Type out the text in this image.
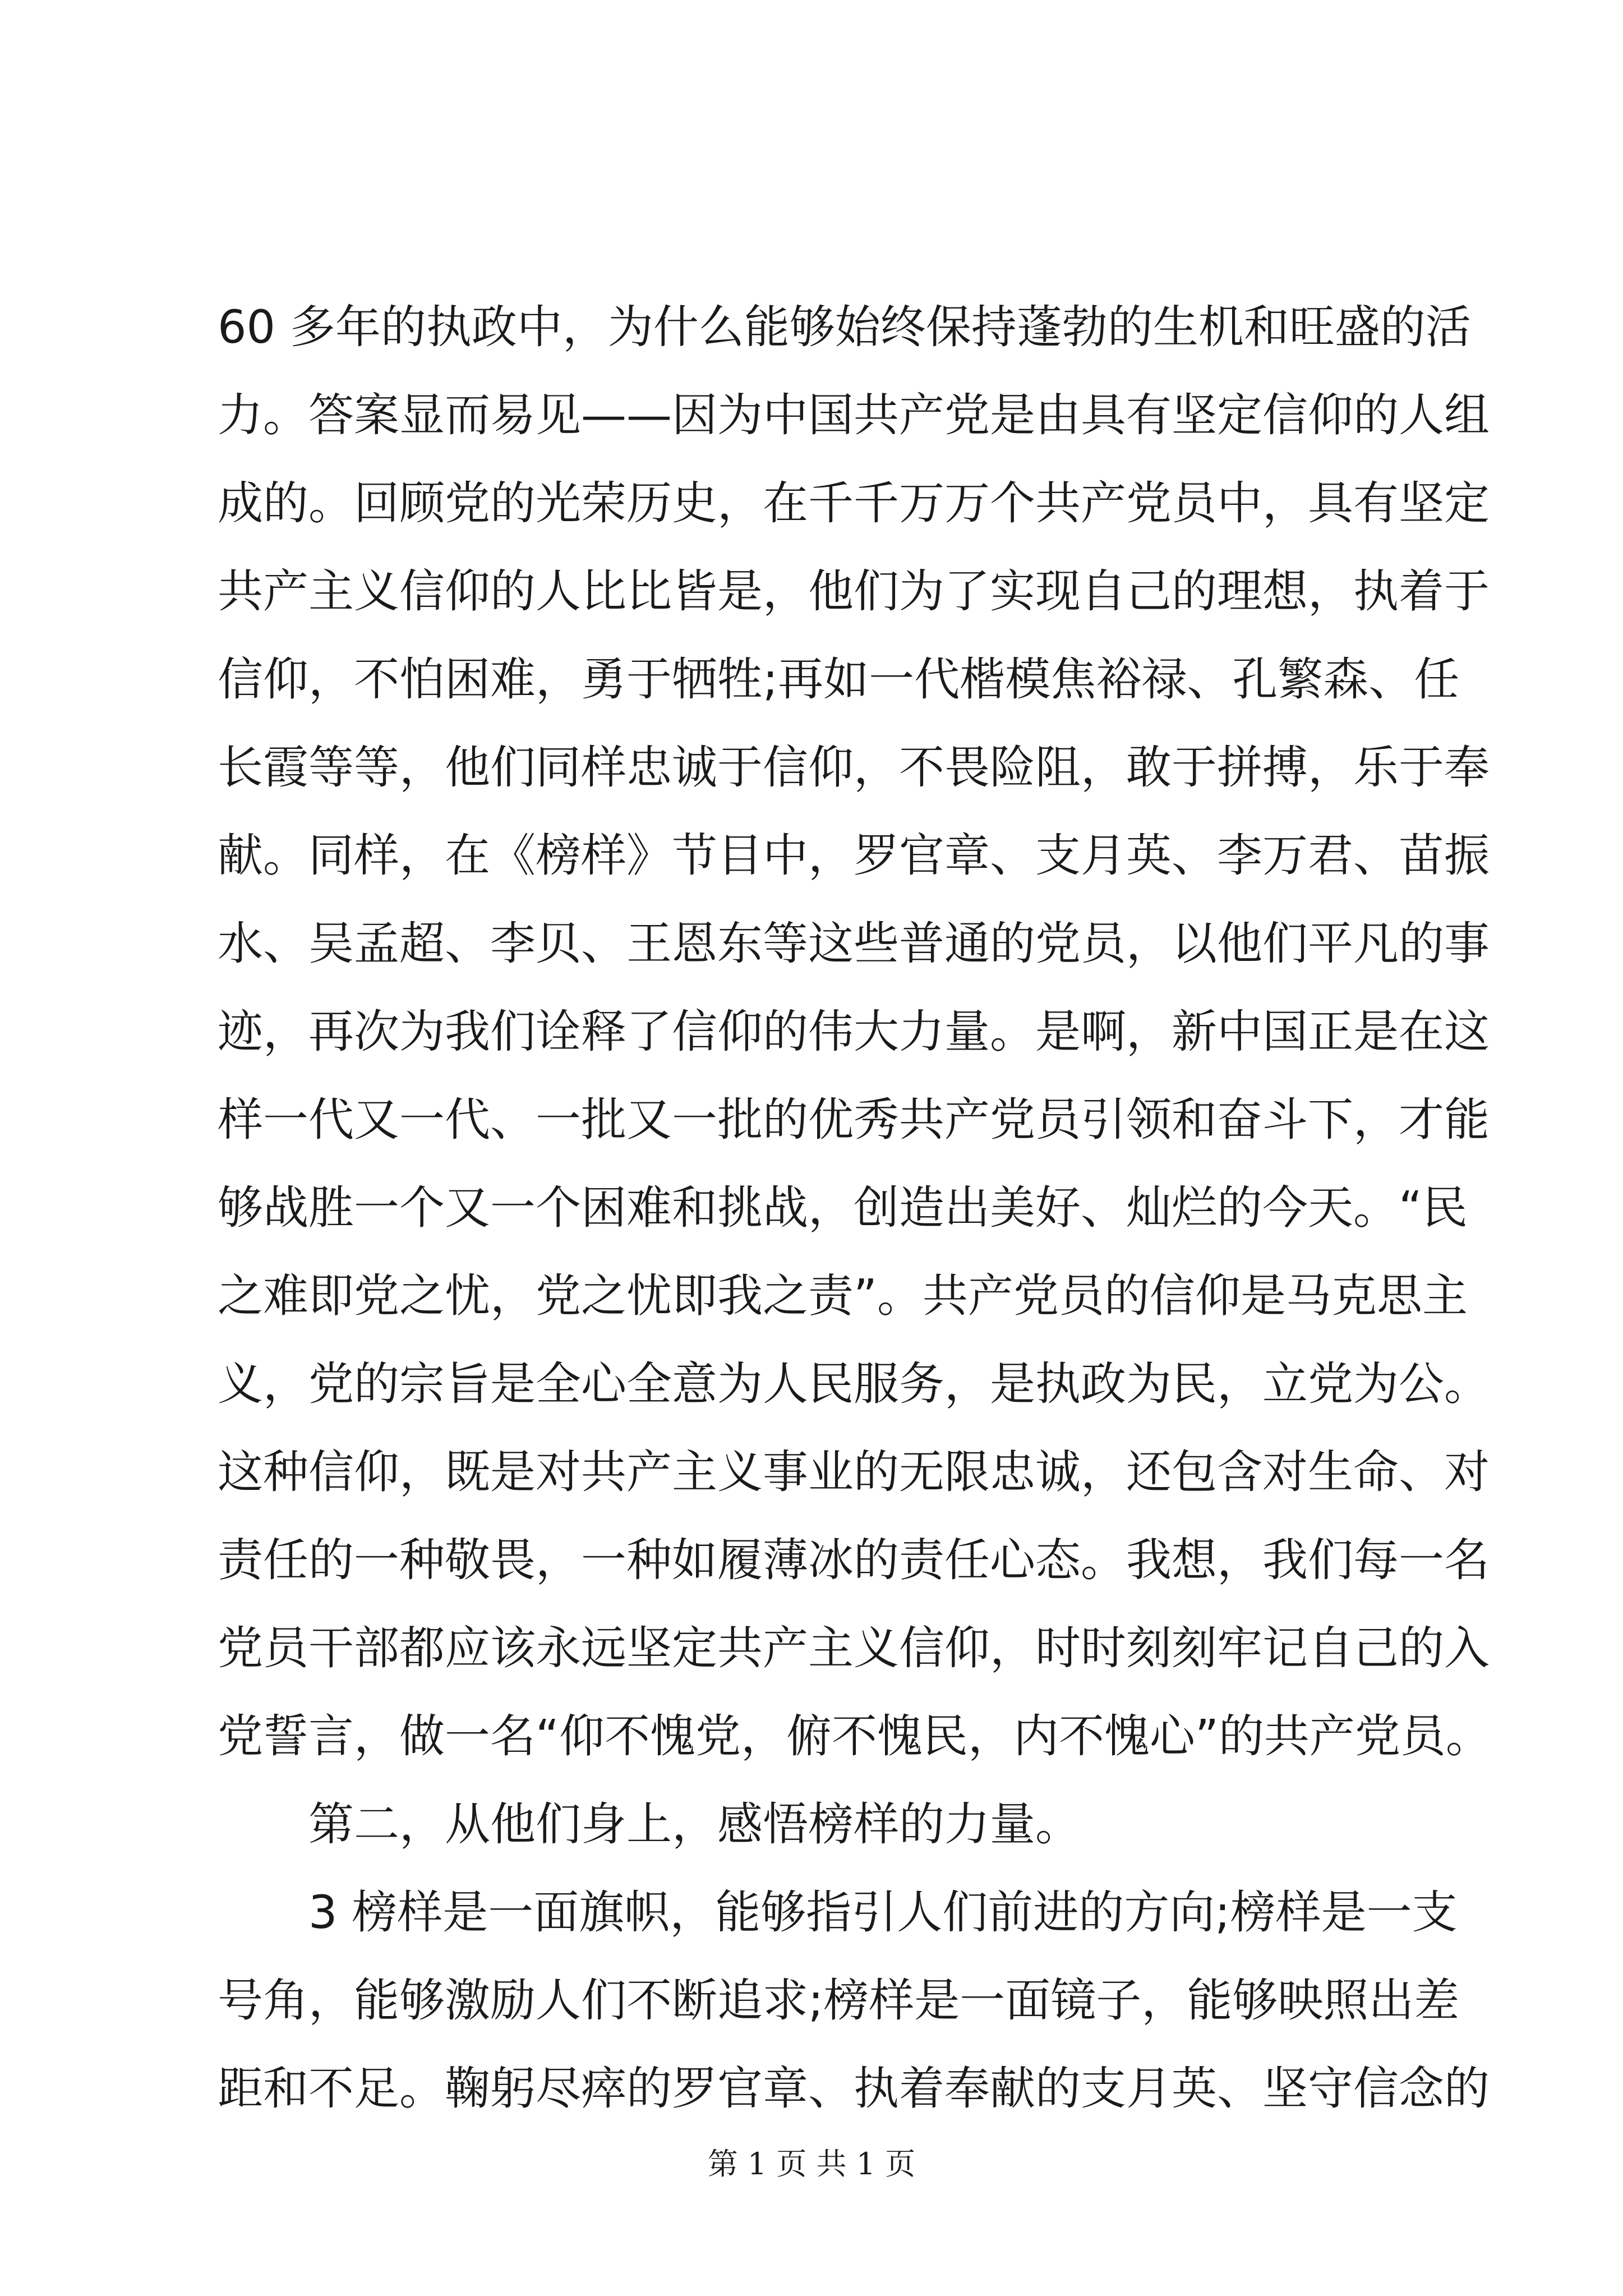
60 多年的执政中，为什么能够始终保持蓬勃的生机和旺盛的活
力。答案显而易见——因为中国共产党是由具有坚定信仰的人组
成的。回顾党的光荣历史，在千千万万个共产党员中，具有坚定
共产主义信仰的人比比皆是，他们为了实现自己的理想，执着于
信仰，不怕困难，勇于牺牲;再如一代楷模焦裕禄、孔繁森、任
长霞等等，他们同样忠诚于信仰，不畏险阻，敢于拼搏，乐于奉
献。同样，在《榜样》节目中，罗官章、支月英、李万君、苗振
水、吴孟超、李贝、王恩东等这些普通的党员，以他们平凡的事
迹，再次为我们诠释了信仰的伟大力量。是啊，新中国正是在这
样一代又一代、一批又一批的优秀共产党员引领和奋斗下，才能
够战胜一个又一个困难和挑战，创造出美好、灿烂的今天。“民
之难即党之忧，党之忧即我之责”。共产党员的信仰是马克思主
义，党的宗旨是全心全意为人民服务，是执政为民，立党为公。
这种信仰，既是对共产主义事业的无限忠诚，还包含对生命、对
责任的一种敬畏，一种如履薄冰的责任心态。我想，我们每一名
党员干部都应该永远坚定共产主义信仰，时时刻刻牢记自己的入
党誓言，做一名“仰不愧党，俯不愧民，内不愧心”的共产党员。
第二，从他们身上，感悟榜样的力量。
3 榜样是一面旗帜，能够指引人们前进的方向;榜样是一支
号角，能够激励人们不断追求;榜样是一面镜子，能够映照出差
距和不足。鞠躬尽瘁的罗官章、执着奉献的支月英、坚守信念的
第 1 页 共 1 页
